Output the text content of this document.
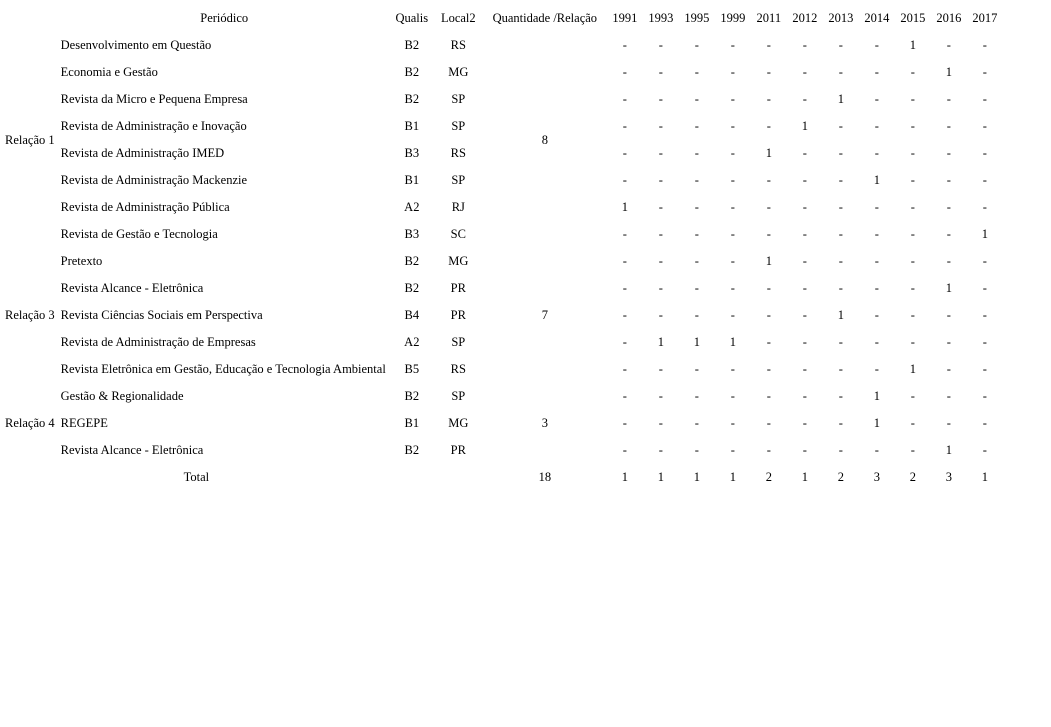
	Periódico	Qualis	Local2	Quantidade /Relação	1991	1993	1995	1999	2011	2012	2013	2014	2015	2016	2017
Relação 1	Desenvolvimento em Questão	B2	RS	8	-	-	-	-	-	-	-	-	1	-	-
	Economia e Gestão	B2	MG		-	-	-	-	-	-	-	-	-	1	-
	Revista da Micro e Pequena Empresa	B2	SP		-	-	-	-	-	-	1	-	-	-	-
	Revista de Administração e Inovação	B1	SP		-	-	-	-	-	1	-	-	-	-	-
	Revista de Administração IMED	B3	RS		-	-	-	-	1	-	-	-	-	-	-
	Revista de Administração Mackenzie	B1	SP		-	-	-	-	-	-	-	1	-	-	-
	Revista de Administração Pública	A2	RJ		1	-	-	-	-	-	-	-	-	-	-
	Revista de Gestão e Tecnologia	B3	SC		-	-	-	-	-	-	-	-	-	-	1
Relação 3	Pretexto	B2	MG	7	-	-	-	-	1	-	-	-	-	-	-
	Revista Alcance - Eletrônica	B2	PR		-	-	-	-	-	-	-	-	-	1	-
	Revista Ciências Sociais em Perspectiva	B4	PR		-	-	-	-	-	-	1	-	-	-	-
	Revista de Administração de Empresas	A2	SP		-	1	1	1	-	-	-	-	-	-	-
	Revista Eletrônica em Gestão, Educação e Tecnologia Ambiental	B5	RS		-	-	-	-	-	-	-	-	1	-	-
Relação 4	Gestão & Regionalidade	B2	SP	3	-	-	-	-	-	-	-	1	-	-	-
	REGEPE	B1	MG		-	-	-	-	-	-	-	1	-	-	-
	Revista Alcance - Eletrônica	B2	PR		-	-	-	-	-	-	-	-	-	1	-
Total				18	1	1	1	1	2	1	2	3	2	3	1
